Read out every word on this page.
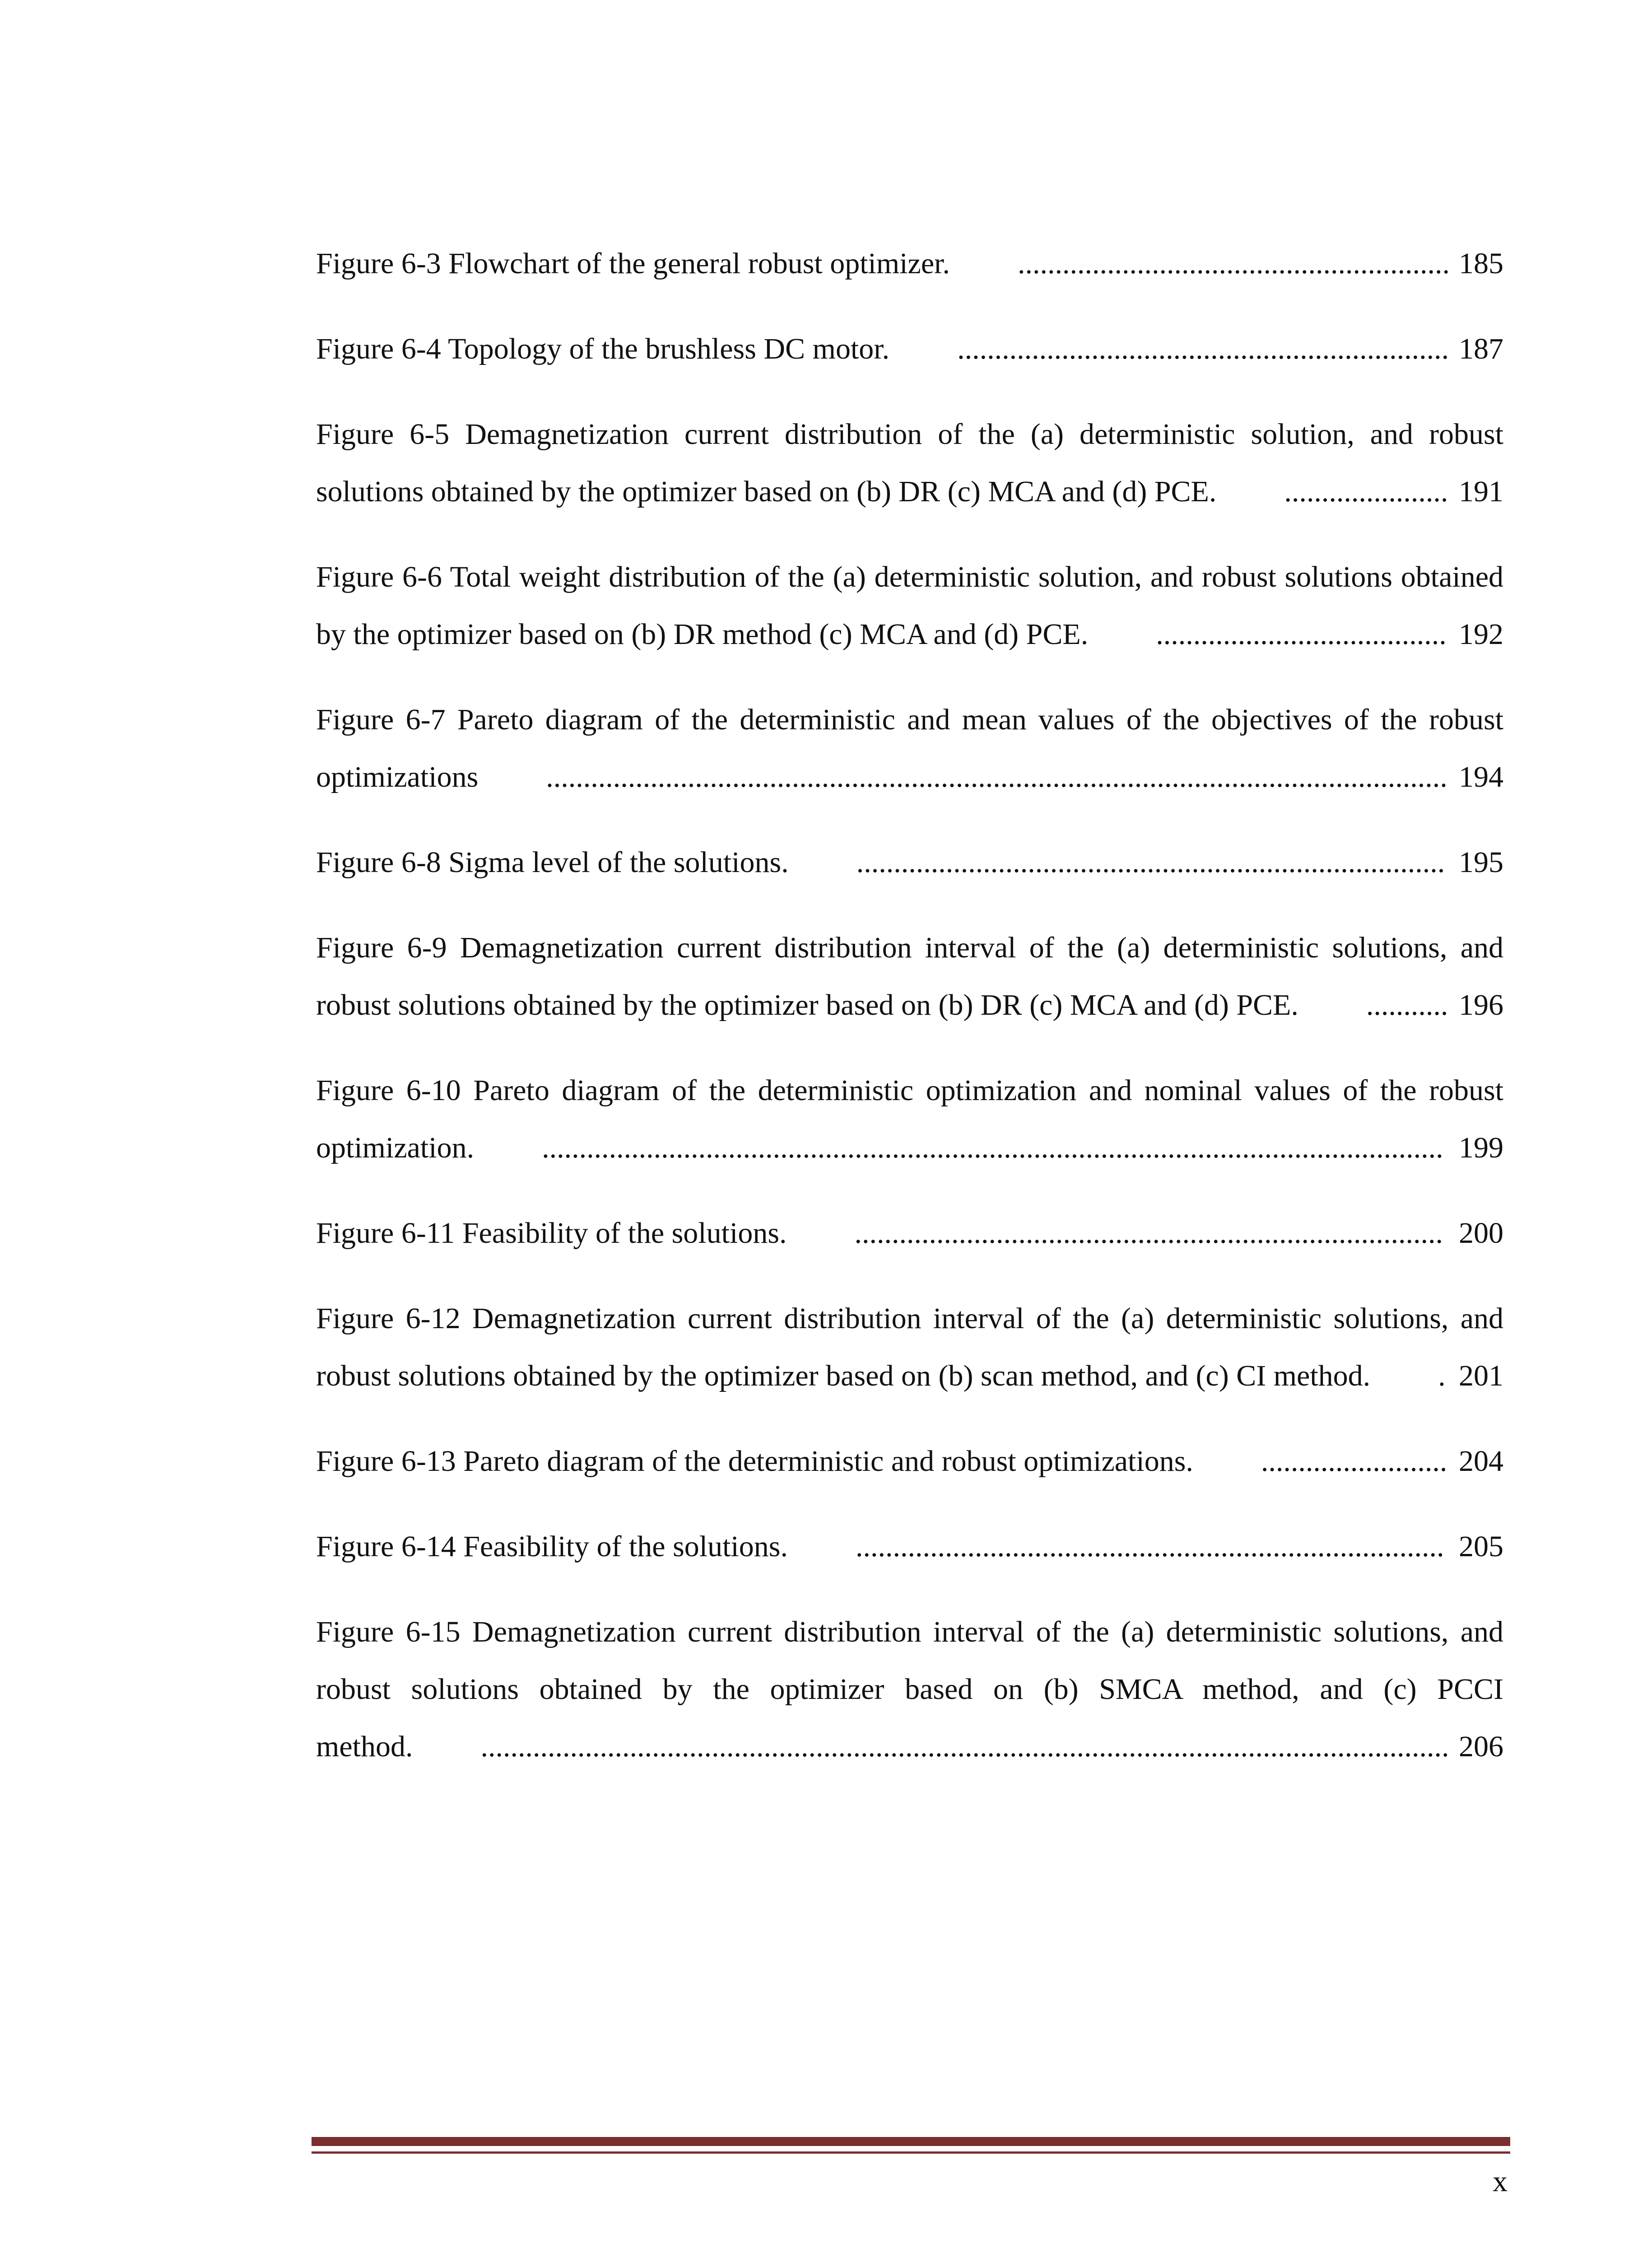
Figure 6-3 Flowchart of the general robust optimizer. .......................................................... 185
Figure 6-4 Topology of the brushless DC motor. .................................................................. 187
Figure 6-5 Demagnetization current distribution of the (a) deterministic solution, and robust solutions obtained by the optimizer based on (b) DR (c) MCA and (d) PCE. ...................... 191
Figure 6-6 Total weight distribution of the (a) deterministic solution, and robust solutions obtained by the optimizer based on (b) DR method (c) MCA and (d) PCE. ....................................... 192
Figure 6-7 Pareto diagram of the deterministic and mean values of the objectives of the robust optimizations ......................................................................................................................... 194
Figure 6-8 Sigma level of the solutions. ............................................................................... 195
Figure 6-9 Demagnetization current distribution interval of the (a) deterministic solutions, and robust solutions obtained by the optimizer based on (b) DR (c) MCA and (d) PCE. ........... 196
Figure 6-10 Pareto diagram of the deterministic optimization and nominal values of the robust optimization. ......................................................................................................................... 199
Figure 6-11 Feasibility of the solutions. ............................................................................... 200
Figure 6-12 Demagnetization current distribution interval of the (a) deterministic solutions, and robust solutions obtained by the optimizer based on (b) scan method, and (c) CI method. . 201
Figure 6-13 Pareto diagram of the deterministic and robust optimizations. ......................... 204
Figure 6-14 Feasibility of the solutions. ............................................................................... 205
Figure 6-15 Demagnetization current distribution interval of the (a) deterministic solutions, and robust solutions obtained by the optimizer based on (b) SMCA method, and (c) PCCI method. .................................................................................................................................. 206
x
